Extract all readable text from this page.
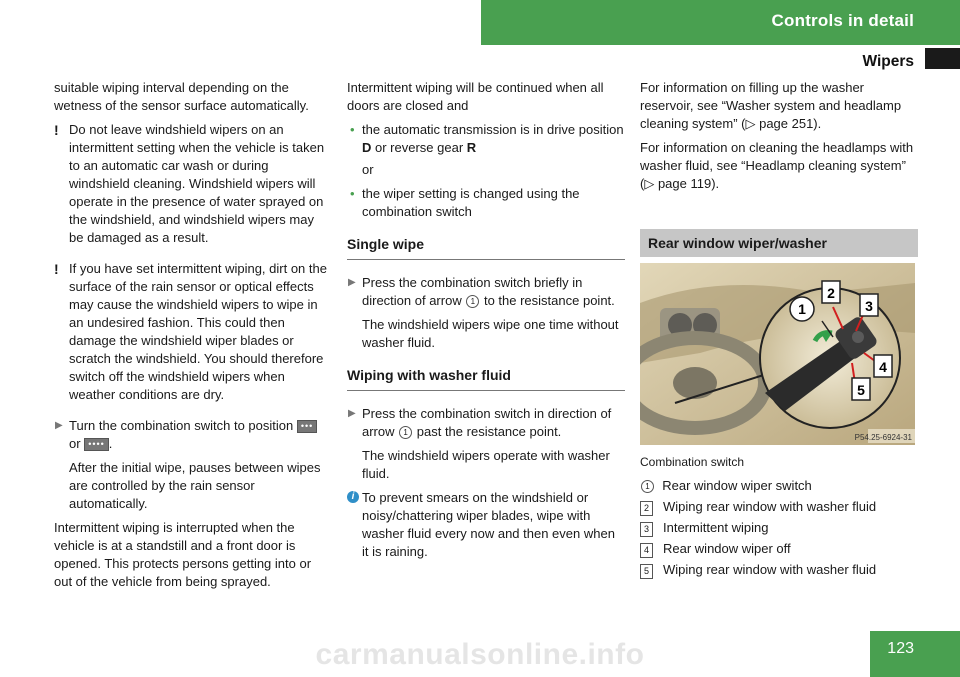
Controls in detail
Wipers

suitable wiping interval depending on the wetness of the sensor surface automatically.

! Do not leave windshield wipers on an intermittent setting when the vehicle is taken to an automatic car wash or during windshield cleaning. Windshield wipers will operate in the presence of water sprayed on the windshield, and windshield wipers may be damaged as a result.

! If you have set intermittent wiping, dirt on the surface of the rain sensor or optical effects may cause the windshield wipers to wipe in an undesired fashion. This could then damage the windshield wiper blades or scratch the windshield. You should therefore switch off the windshield wipers when weather conditions are dry.

▶ Turn the combination switch to position ••• or •••• .

After the initial wipe, pauses between wipes are controlled by the rain sensor automatically.

Intermittent wiping is interrupted when the vehicle is at a standstill and a front door is opened. This protects persons getting into or out of the vehicle from being sprayed.

Intermittent wiping will be continued when all doors are closed and

• the automatic transmission is in drive position D or reverse gear R

or

• the wiper setting is changed using the combination switch

Single wipe

▶ Press the combination switch briefly in direction of arrow 1 to the resistance point.

The windshield wipers wipe one time without washer fluid.

Wiping with washer fluid

▶ Press the combination switch in direction of arrow 1 past the resistance point.

The windshield wipers operate with washer fluid.

i To prevent smears on the windshield or noisy/chattering wiper blades, wipe with washer fluid every now and then even when it is raining.

For information on filling up the washer reservoir, see “Washer system and headlamp cleaning system” (▷ page 251).

For information on cleaning the headlamps with washer fluid, see “Headlamp cleaning system” (▷ page 119).

Rear window wiper/washer

1
2
3
4
5
P54.25-6924-31

Combination switch

1 Rear window wiper switch

2 Wiping rear window with washer fluid

3 Intermittent wiping

4 Rear window wiper off

5 Wiping rear window with washer fluid

carmanualsonline.info	123
